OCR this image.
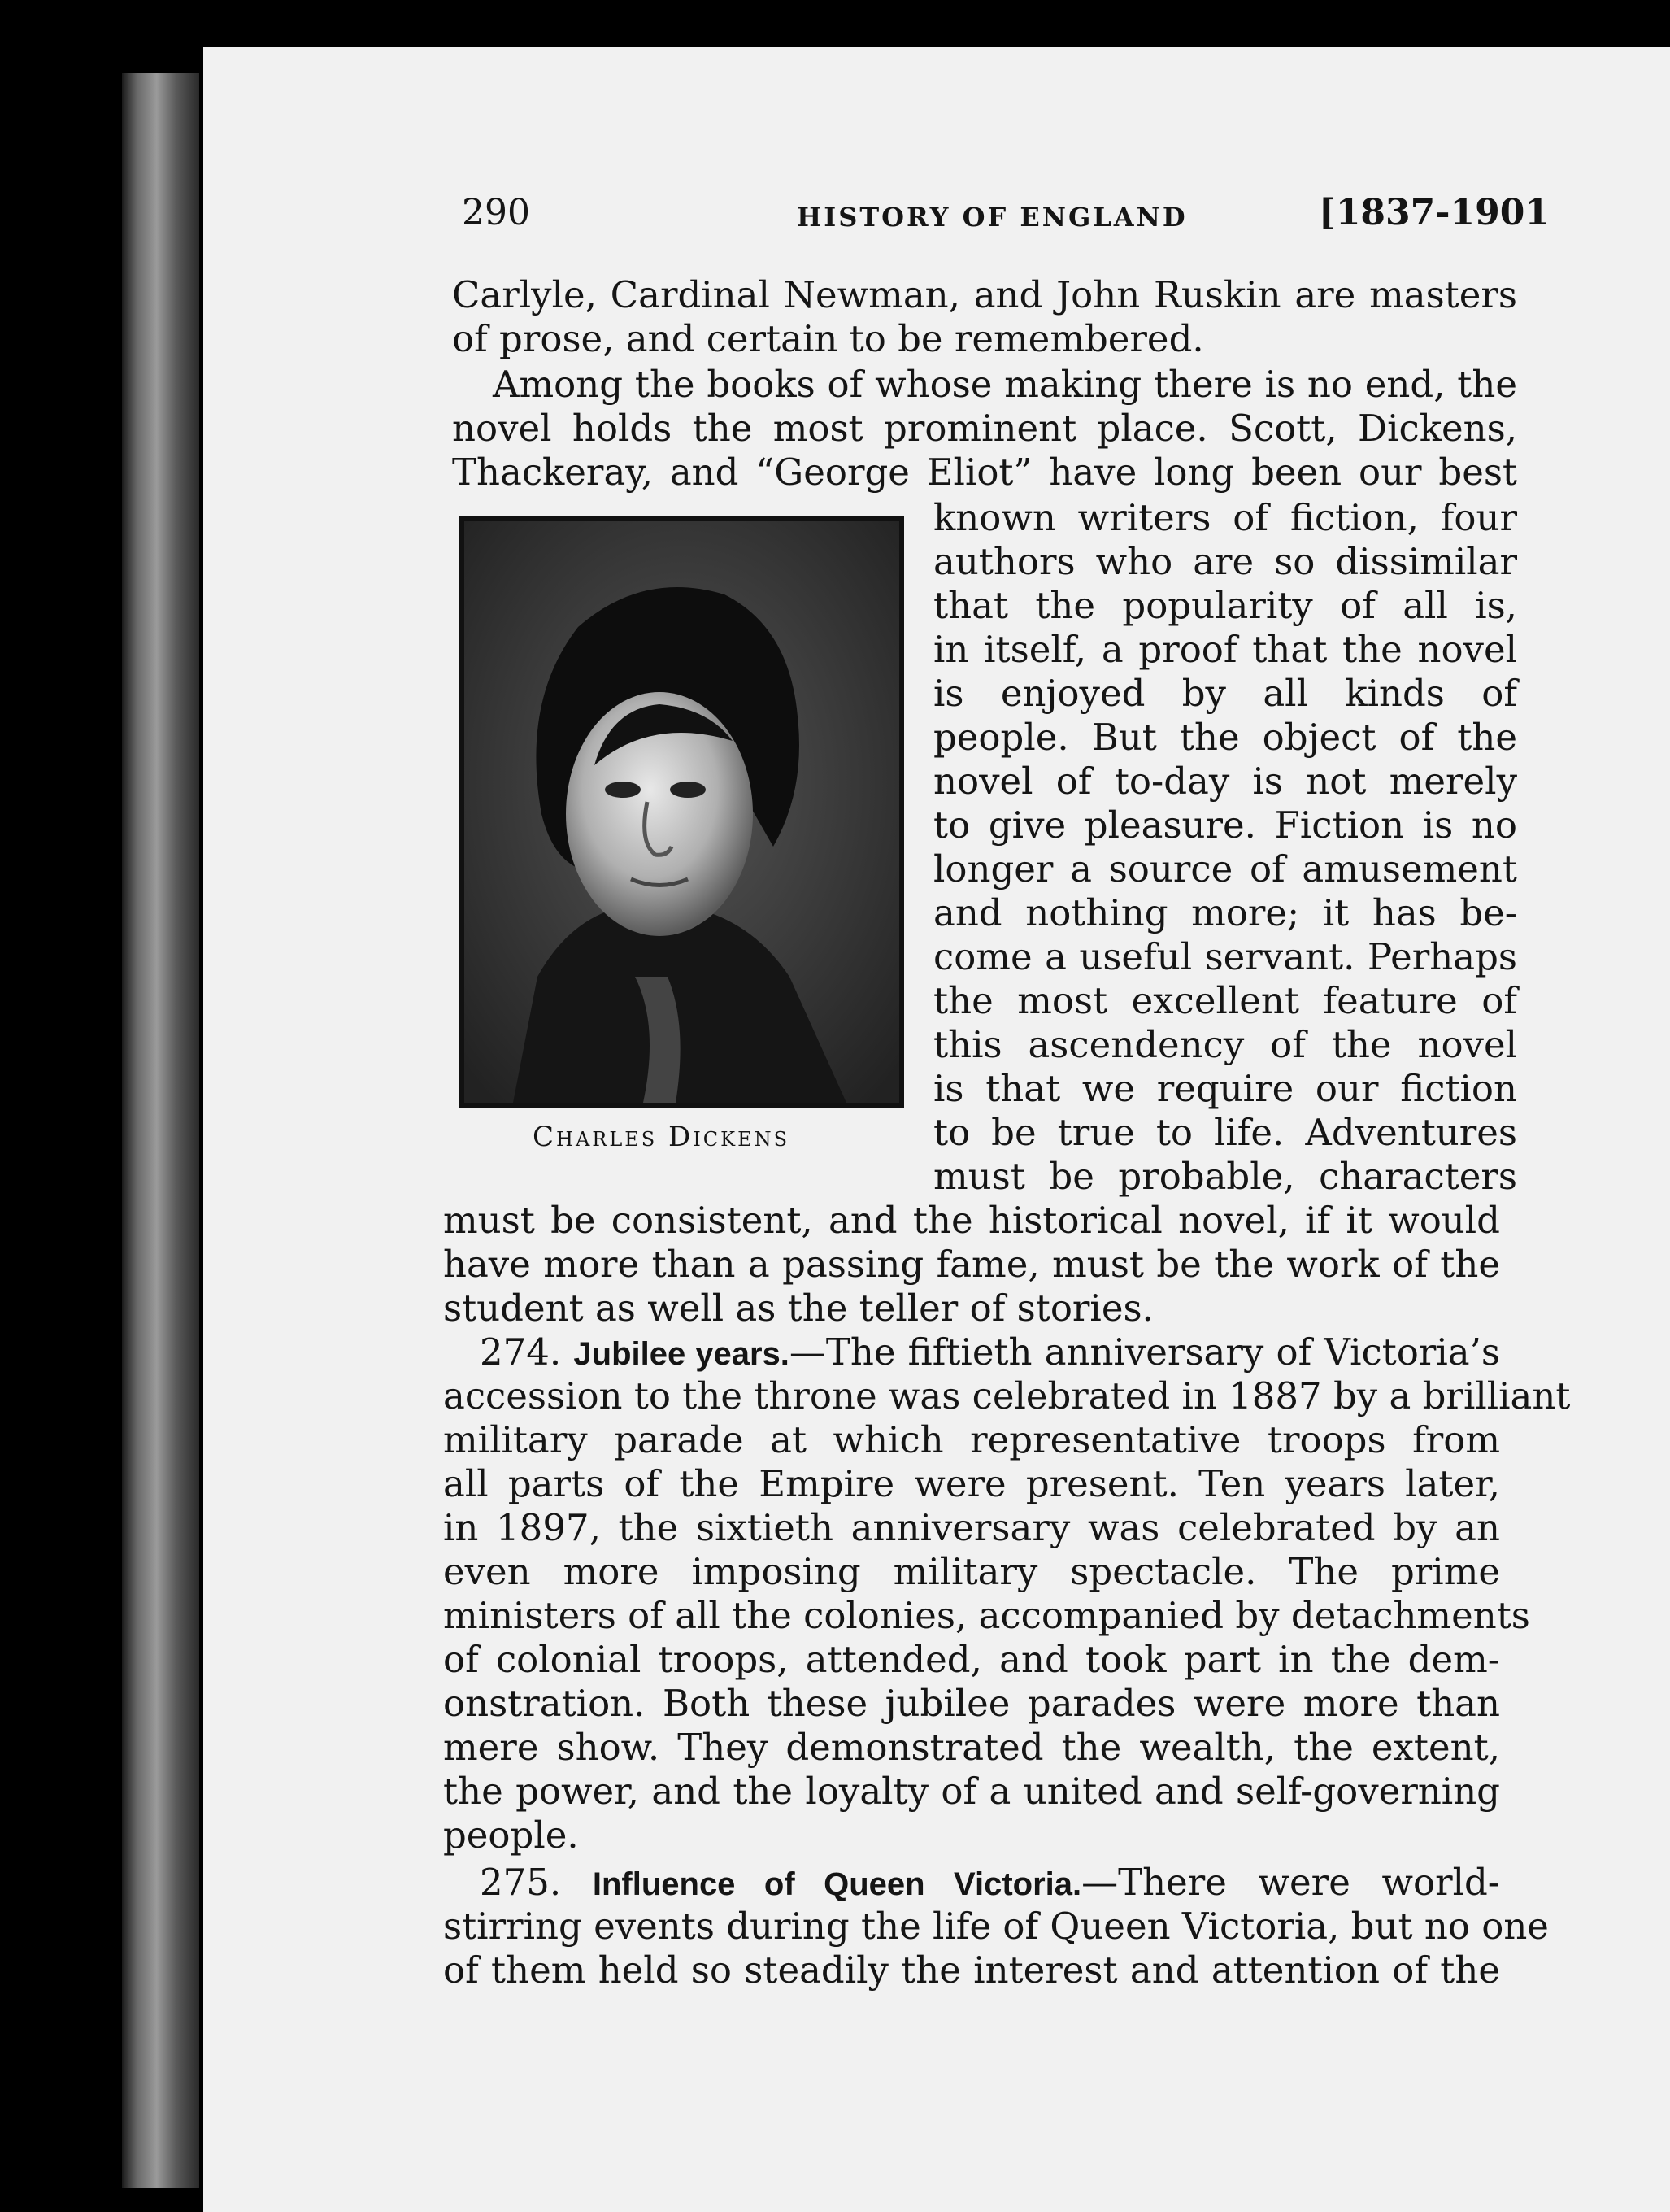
290	HISTORY OF ENGLAND	[1837-1901
Carlyle, Cardinal Newman, and John Ruskin are masters
of prose, and certain to be remembered.
Among the books of whose making there is no end, the
novel holds the most prominent place. Scott, Dickens,
Thackeray, and “George Eliot” have long been our best
known writers of fiction, four
authors who are so dissimilar
that the popularity of all is,
in itself, a proof that the novel
is enjoyed by all kinds of
people. But the object of the
novel of to-day is not merely
to give pleasure. Fiction is no
longer a source of amusement
and nothing more; it has be-
come a useful servant. Perhaps
the most excellent feature of
this ascendency of the novel
is that we require our fiction
to be true to life. Adventures
must be probable, characters
must be consistent, and the historical novel, if it would
have more than a passing fame, must be the work of the
student as well as the teller of stories.
Charles Dickens
274. Jubilee years.—The fiftieth anniversary of Victoria’s
accession to the throne was celebrated in 1887 by a brilliant
military parade at which representative troops from
all parts of the Empire were present. Ten years later,
in 1897, the sixtieth anniversary was celebrated by an
even more imposing military spectacle. The prime
ministers of all the colonies, accompanied by detachments
of colonial troops, attended, and took part in the dem-
onstration. Both these jubilee parades were more than
mere show. They demonstrated the wealth, the extent,
the power, and the loyalty of a united and self-governing
people.
275. Influence of Queen Victoria.—There were world-
stirring events during the life of Queen Victoria, but no one
of them held so steadily the interest and attention of the
